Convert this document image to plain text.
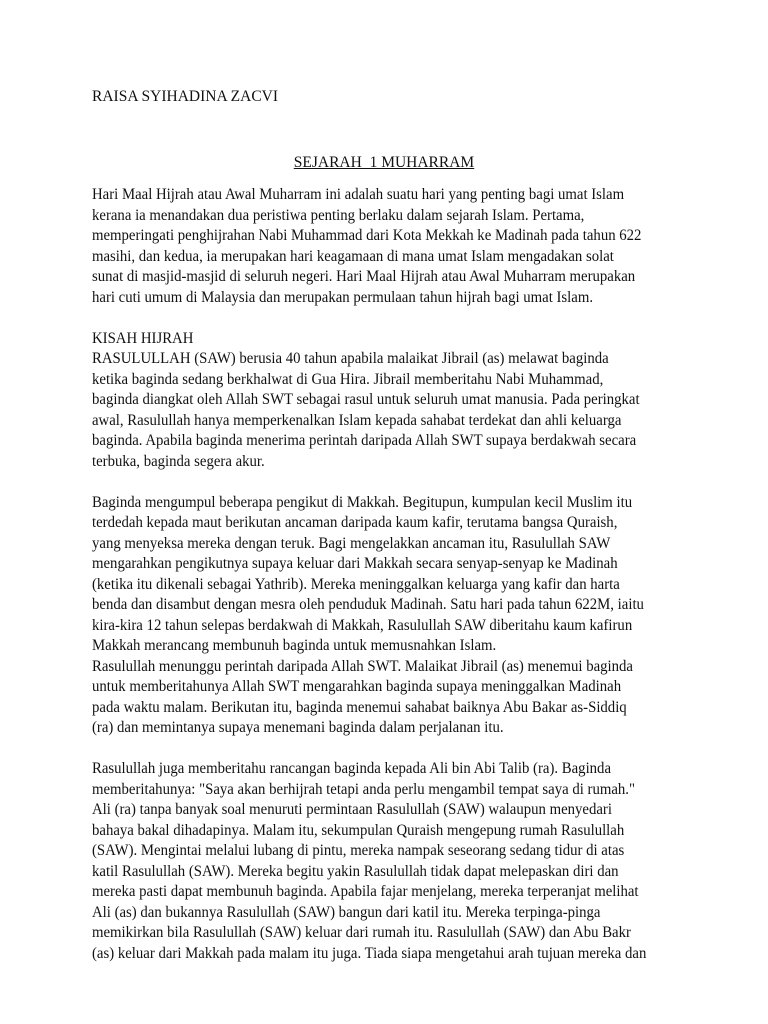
RAISA SYIHADINA ZACVI
SEJARAH  1 MUHARRAM
Hari Maal Hijrah atau Awal Muharram ini adalah suatu hari yang penting bagi umat Islam
kerana ia menandakan dua peristiwa penting berlaku dalam sejarah Islam. Pertama,
memperingati penghijrahan Nabi Muhammad dari Kota Mekkah ke Madinah pada tahun 622
masihi, dan kedua, ia merupakan hari keagamaan di mana umat Islam mengadakan solat
sunat di masjid-masjid di seluruh negeri. Hari Maal Hijrah atau Awal Muharram merupakan
hari cuti umum di Malaysia dan merupakan permulaan tahun hijrah bagi umat Islam.
KISAH HIJRAH
RASULULLAH (SAW) berusia 40 tahun apabila malaikat Jibrail (as) melawat baginda
ketika baginda sedang berkhalwat di Gua Hira. Jibrail memberitahu Nabi Muhammad,
baginda diangkat oleh Allah SWT sebagai rasul untuk seluruh umat manusia. Pada peringkat
awal, Rasulullah hanya memperkenalkan Islam kepada sahabat terdekat dan ahli keluarga
baginda. Apabila baginda menerima perintah daripada Allah SWT supaya berdakwah secara
terbuka, baginda segera akur.
Baginda mengumpul beberapa pengikut di Makkah. Begitupun, kumpulan kecil Muslim itu
terdedah kepada maut berikutan ancaman daripada kaum kafir, terutama bangsa Quraish,
yang menyeksa mereka dengan teruk. Bagi mengelakkan ancaman itu, Rasulullah SAW
mengarahkan pengikutnya supaya keluar dari Makkah secara senyap-senyap ke Madinah
(ketika itu dikenali sebagai Yathrib). Mereka meninggalkan keluarga yang kafir dan harta
benda dan disambut dengan mesra oleh penduduk Madinah. Satu hari pada tahun 622M, iaitu
kira-kira 12 tahun selepas berdakwah di Makkah, Rasulullah SAW diberitahu kaum kafirun
Makkah merancang membunuh baginda untuk memusnahkan Islam.
Rasulullah menunggu perintah daripada Allah SWT. Malaikat Jibrail (as) menemui baginda
untuk memberitahunya Allah SWT mengarahkan baginda supaya meninggalkan Madinah
pada waktu malam. Berikutan itu, baginda menemui sahabat baiknya Abu Bakar as-Siddiq
(ra) dan memintanya supaya menemani baginda dalam perjalanan itu.
Rasulullah juga memberitahu rancangan baginda kepada Ali bin Abi Talib (ra). Baginda
memberitahunya: "Saya akan berhijrah tetapi anda perlu mengambil tempat saya di rumah."
Ali (ra) tanpa banyak soal menuruti permintaan Rasulullah (SAW) walaupun menyedari
bahaya bakal dihadapinya. Malam itu, sekumpulan Quraish mengepung rumah Rasulullah
(SAW). Mengintai melalui lubang di pintu, mereka nampak seseorang sedang tidur di atas
katil Rasulullah (SAW). Mereka begitu yakin Rasulullah tidak dapat melepaskan diri dan
mereka pasti dapat membunuh baginda. Apabila fajar menjelang, mereka terperanjat melihat
Ali (as) dan bukannya Rasulullah (SAW) bangun dari katil itu. Mereka terpinga-pinga
memikirkan bila Rasulullah (SAW) keluar dari rumah itu. Rasulullah (SAW) dan Abu Bakr
(as) keluar dari Makkah pada malam itu juga. Tiada siapa mengetahui arah tujuan mereka dan
